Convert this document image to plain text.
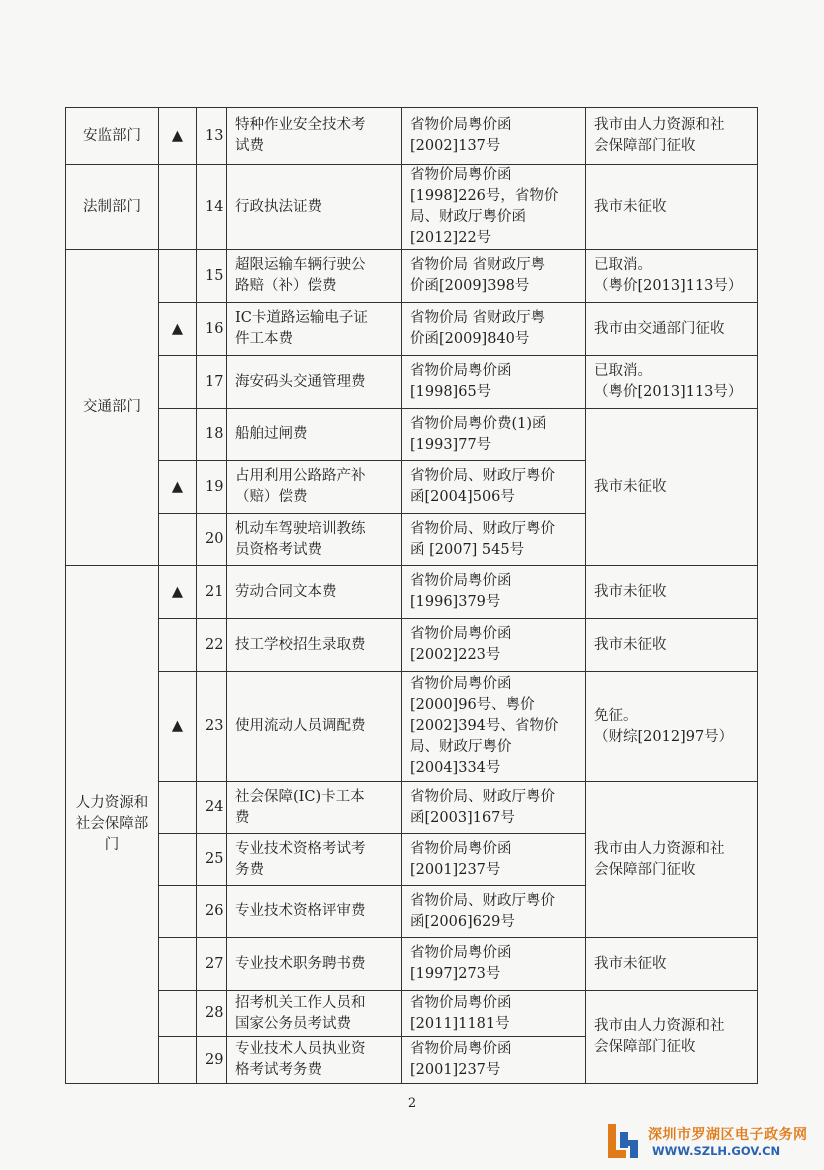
安监部门	▲	13	特种作业安全技术考
试费	省物价局粤价函
[2002]137号	我市由人力资源和社
会保障部门征收
法制部门		14	行政执法证费	省物价局粤价函
[1998]226号，省物价
局、财政厅粤价函
[2012]22号	我市未征收
交通部门		15	超限运输车辆行驶公
路赔（补）偿费	省物价局 省财政厅粤
价函[2009]398号	已取消。
（粤价[2013]113号）
	▲	16	IC卡道路运输电子证
件工本费	省物价局 省财政厅粤
价函[2009]840号	我市由交通部门征收
		17	海安码头交通管理费	省物价局粤价函
[1998]65号	已取消。
（粤价[2013]113号）
		18	船舶过闸费	省物价局粤价费(1)函
[1993]77号	我市未征收
	▲	19	占用利用公路路产补
（赔）偿费	省物价局、财政厅粤价
函[2004]506号	
		20	机动车驾驶培训教练
员资格考试费	省物价局、财政厅粤价
函 [2007] 545号	
人力资源和
社会保障部
门	▲	21	劳动合同文本费	省物价局粤价函
[1996]379号	我市未征收
		22	技工学校招生录取费	省物价局粤价函
[2002]223号	我市未征收
	▲	23	使用流动人员调配费	省物价局粤价函
[2000]96号、粤价
[2002]394号、省物价
局、财政厅粤价
[2004]334号	免征。
（财综[2012]97号）
		24	社会保障(IC)卡工本
费	省物价局、财政厅粤价
函[2003]167号	我市由人力资源和社
会保障部门征收
		25	专业技术资格考试考
务费	省物价局粤价函
[2001]237号	
		26	专业技术资格评审费	省物价局、财政厅粤价
函[2006]629号	
		27	专业技术职务聘书费	省物价局粤价函
[1997]273号	我市未征收
		28	招考机关工作人员和
国家公务员考试费	省物价局粤价函
[2011]1181号	我市由人力资源和社
会保障部门征收
		29	专业技术人员执业资
格考试考务费	省物价局粤价函
[2001]237号	
2
深圳市罗湖区电子政务网
WWW.SZLH.GOV.CN
